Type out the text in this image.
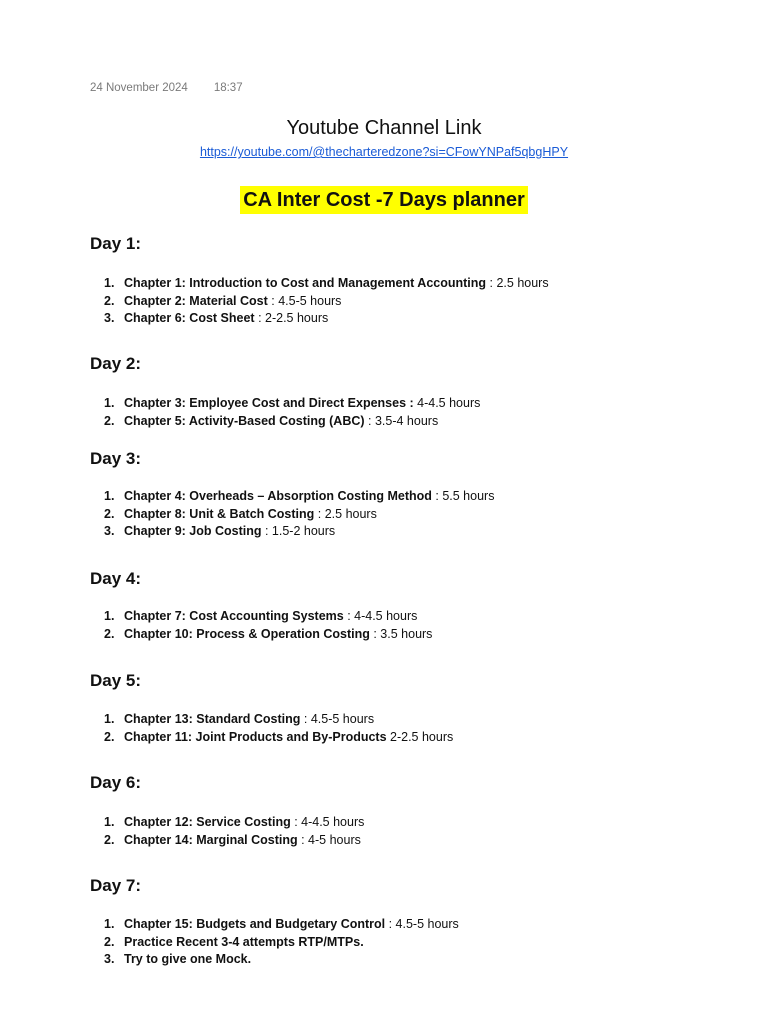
24 November 2024 18:37
Youtube Channel Link
https://youtube.com/@thecharteredzone?si=CFowYNPaf5qbgHPY
CA Inter Cost -7 Days planner
Day 1:
1. Chapter 1: Introduction to Cost and Management Accounting : 2.5 hours
2. Chapter 2: Material Cost : 4.5-5 hours
3. Chapter 6: Cost Sheet : 2-2.5 hours
Day 2:
1. Chapter 3: Employee Cost and Direct Expenses : 4-4.5 hours
2. Chapter 5: Activity-Based Costing (ABC) : 3.5-4 hours
Day 3:
1. Chapter 4: Overheads – Absorption Costing Method : 5.5 hours
2. Chapter 8: Unit & Batch Costing : 2.5 hours
3. Chapter 9: Job Costing : 1.5-2 hours
Day 4:
1. Chapter 7: Cost Accounting Systems : 4-4.5 hours
2. Chapter 10: Process & Operation Costing : 3.5 hours
Day 5:
1. Chapter 13: Standard Costing : 4.5-5 hours
2. Chapter 11: Joint Products and By-Products 2-2.5 hours
Day 6:
1. Chapter 12: Service Costing : 4-4.5 hours
2. Chapter 14: Marginal Costing : 4-5 hours
Day 7:
1. Chapter 15: Budgets and Budgetary Control : 4.5-5 hours
2. Practice Recent 3-4 attempts RTP/MTPs.
3. Try to give one Mock.
